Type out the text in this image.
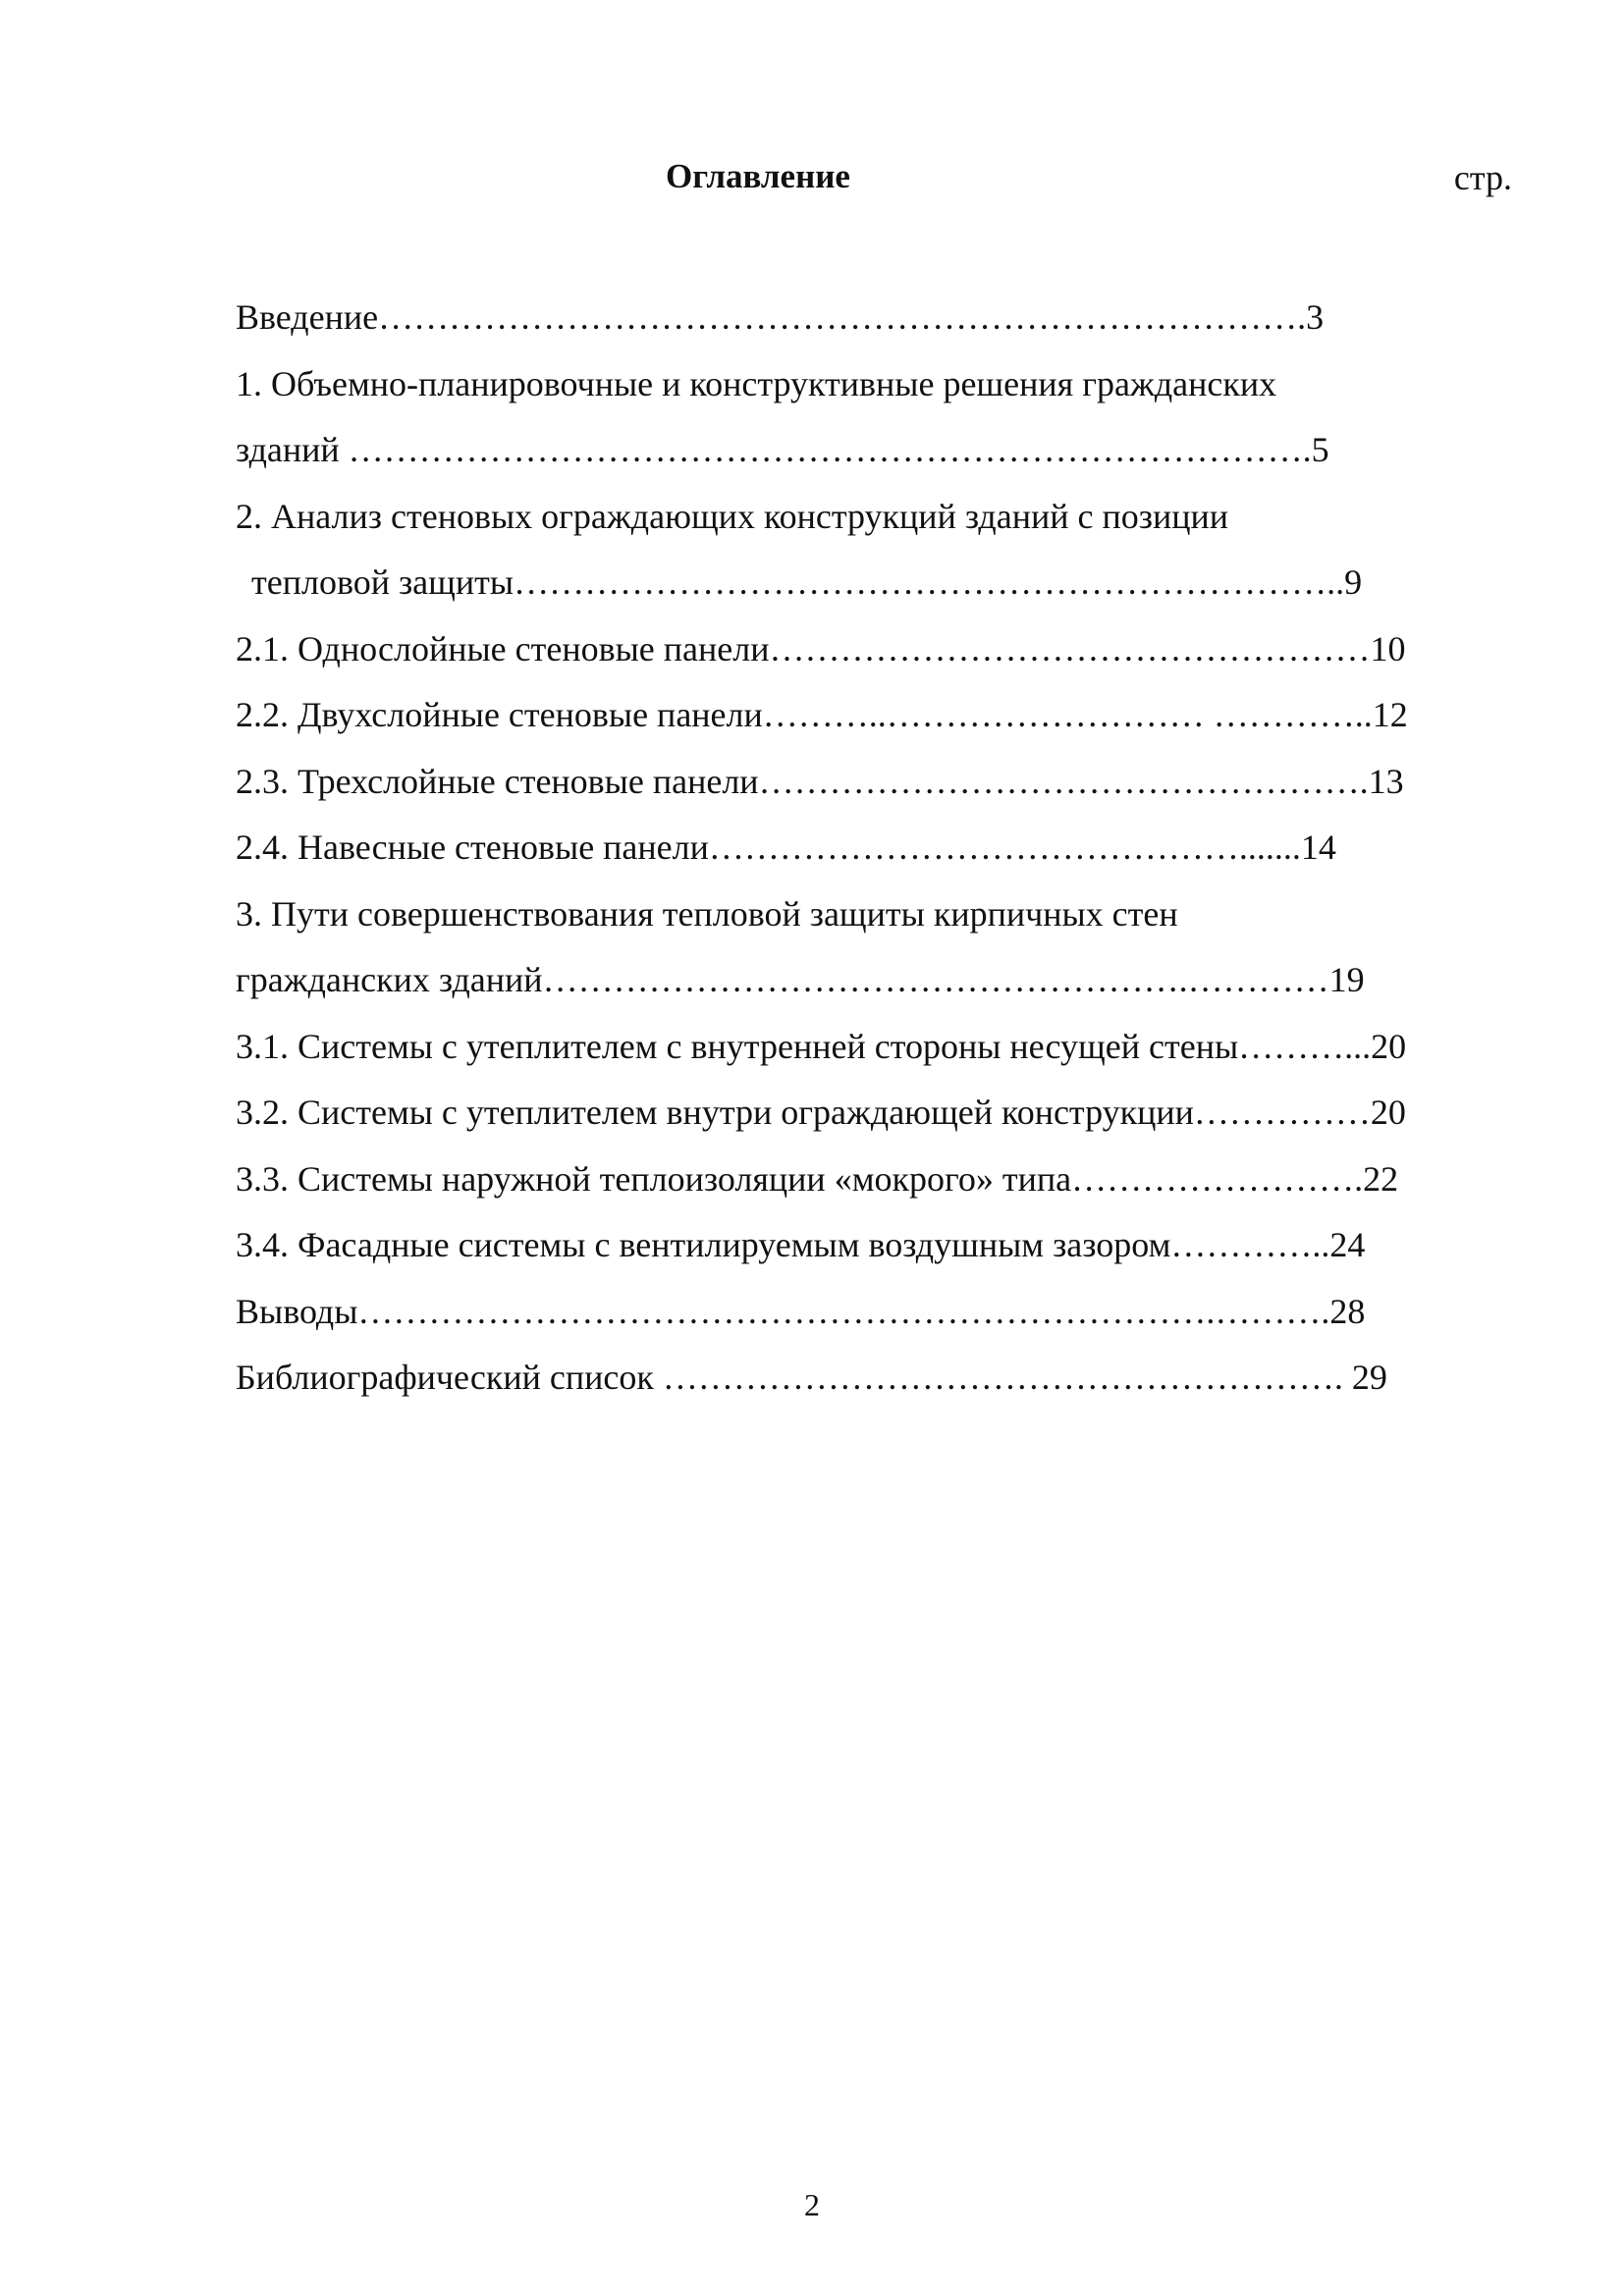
Оглавление	стр.
Введение…………………………………………………………………….3
1. Объемно-планировочные и конструктивные решения гражданских
зданий ……………………………………………………………………….5
2. Анализ стеновых ограждающих конструкций зданий с позиции
тепловой защиты……………………………………………………………..9
2.1. Однослойные стеновые панели……………………………………………10
2.2. Двухслойные стеновые панели………..……………………… …………..12
2.3. Трехслойные стеновые панели…………………………………………….13
2.4. Навесные стеновые панели……………………………………….......14
3. Пути совершенствования тепловой защиты кирпичных стен
гражданских зданий……………………………………………….…………19
3.1. Системы с утеплителем с внутренней стороны несущей стены………...20
3.2. Системы с утеплителем внутри ограждающей конструкции……………20
3.3. Системы наружной теплоизоляции «мокрого» типа…………………….22
3.4. Фасадные системы с вентилируемым воздушным зазором…………..24
Выводы……………………………………………………………….……….28
Библиографический список …………………………………………………. 29
2
